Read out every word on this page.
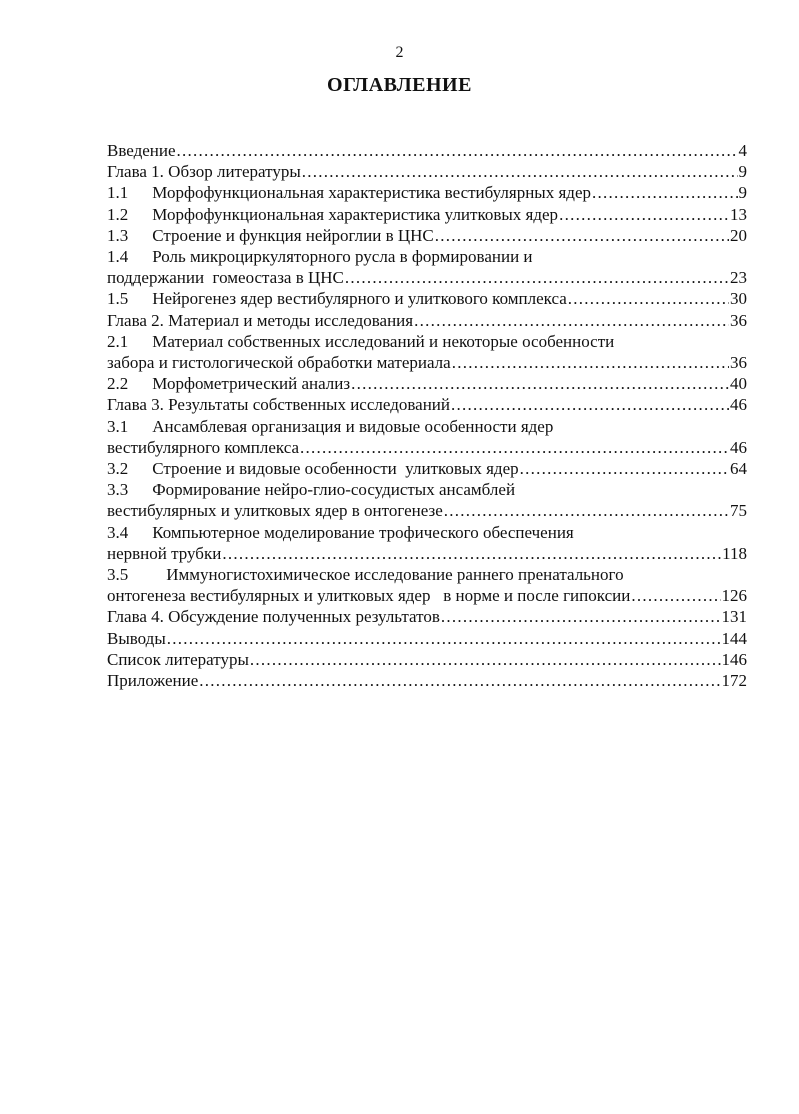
2
ОГЛАВЛЕНИЕ
Введение . . .	4
Глава 1. Обзор литературы . . .	9
1.1 Морфофункциональная характеристика вестибулярных ядер . . .	9
1.2 Морфофункциональная характеристика улитковых ядер . . .	13
1.3 Строение и функция нейроглии в ЦНС . . .	20
1.4 Роль микроциркуляторного русла в формировании и
поддержании  гомеостаза в ЦНС . . .	23
1.5 Нейрогенез ядер вестибулярного и улиткового комплекса . . .	30
Глава 2. Материал и методы исследования . . .	36
2.1 Материал собственных исследований и некоторые особенности
забора и гистологической обработки материала . . .	36
2.2 Морфометрический анализ . . .	40
Глава 3. Результаты собственных исследований . . .	46
3.1 Ансамблевая организация и видовые особенности ядер
вестибулярного комплекса . . .	46
3.2 Строение и видовые особенности  улитковых ядер . . .	64
3.3 Формирование нейро-глио-сосудистых ансамблей
вестибулярных и улитковых ядер в онтогенезе . . .	75
3.4 Компьютерное моделирование трофического обеспечения
нервной трубки . . .	118
3.5 Иммуногистохимическое исследование раннего пренатального
онтогенеза вестибулярных и улитковых ядер   в норме и после гипоксии . . .	126
Глава 4. Обсуждение полученных результатов . . .	131
Выводы . . .	144
Список литературы . . .	146
Приложение . . .	172
